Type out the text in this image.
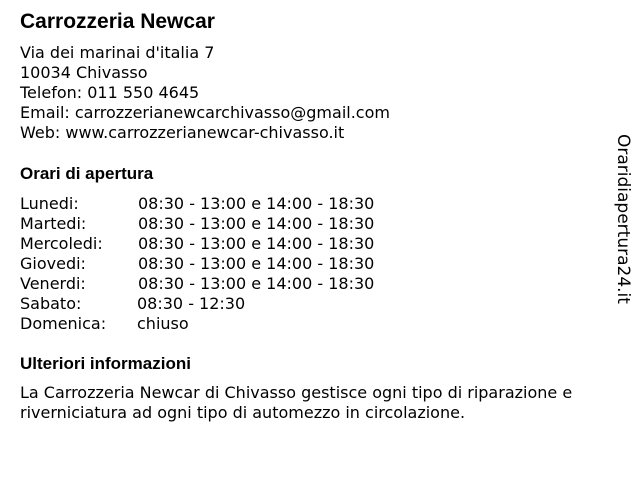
Carrozzeria Newcar
Via dei marinai d'italia 7
10034 Chivasso
Telefon: 011 550 4645
Email: carrozzerianewcarchivasso@gmail.com
Web: www.carrozzerianewcar-chivasso.it
Orari di apertura
Lunedi:	08:30 - 13:00 e 14:00 - 18:30
Martedi:	08:30 - 13:00 e 14:00 - 18:30
Mercoledi: 08:30 - 13:00 e 14:00 - 18:30
Giovedi:	08:30 - 13:00 e 14:00 - 18:30
Venerdi:	08:30 - 13:00 e 14:00 - 18:30
Sabato:	08:30 - 12:30
Domenica: chiuso
Ulteriori informazioni

La Carrozzeria Newcar di Chivasso gestisce ogni tipo di riparazione e riverniciatura ad ogni tipo di automezzo in circolazione.

Oraridiapertura24.it
